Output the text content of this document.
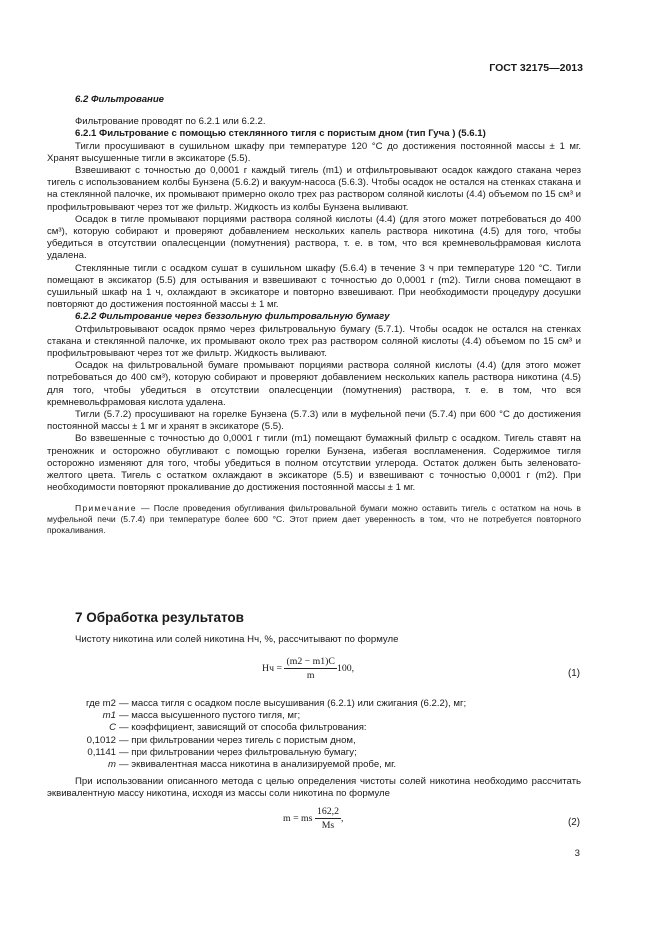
ГОСТ 32175—2013

6.2 Фильтрование

Фильтрование проводят по 6.2.1 или 6.2.2.

6.2.1 Фильтрование с помощью стеклянного тигля с пористым дном (тип Гуча ) (5.6.1)

Тигли просушивают в сушильном шкафу при температуре 120 °C до достижения постоянной массы ± 1 мг. Хранят высушенные тигли в эксикаторе (5.5).

Взвешивают с точностью до 0,0001 г каждый тигель (m1) и отфильтровывают осадок каждого стакана через тигель с использованием колбы Бунзена (5.6.2) и вакуум-насоса (5.6.3). Чтобы осадок не остался на стенках стакана и на стеклянной палочке, их промывают примерно около трех раз раствором соляной кислоты (4.4) объемом по 15 см³ и профильтровывают через тот же фильтр. Жидкость из колбы Бунзена выливают.

Осадок в тигле промывают порциями раствора соляной кислоты (4.4) (для этого может потребоваться до 400 см³), которую собирают и проверяют добавлением нескольких капель раствора никотина (4.5) для того, чтобы убедиться в отсутствии опалесценции (помутнения) раствора, т. е. в том, что вся кремневольфрамовая кислота удалена.

Стеклянные тигли с осадком сушат в сушильном шкафу (5.6.4) в течение 3 ч при температуре 120 °C. Тигли помещают в эксикатор (5.5) для остывания и взвешивают с точностью до 0,0001 г (m2). Тигли снова помещают в сушильный шкаф на 1 ч, охлаждают в эксикаторе и повторно взвешивают. При необходимости процедуру досушки повторяют до достижения постоянной массы ± 1 мг.

6.2.2 Фильтрование через беззольную фильтровальную бумагу

Отфильтровывают осадок прямо через фильтровальную бумагу (5.7.1). Чтобы осадок не остался на стенках стакана и стеклянной палочке, их промывают около трех раз раствором соляной кислоты (4.4) объемом по 15 см³ и профильтровывают через тот же фильтр. Жидкость выливают.

Осадок на фильтровальной бумаге промывают порциями раствора соляной кислоты (4.4) (для этого может потребоваться до 400 см³), которую собирают и проверяют добавлением нескольких капель раствора никотина (4.5) для того, чтобы убедиться в отсутствии опалесценции (помутнения) раствора, т. е. в том, что вся кремневольфрамовая кислота удалена.

Тигли (5.7.2) просушивают на горелке Бунзена (5.7.3) или в муфельной печи (5.7.4) при 600 °C до достижения постоянной массы ± 1 мг и хранят в эксикаторе (5.5).

Во взвешенные с точностью до 0,0001 г тигли (m1) помещают бумажный фильтр с осадком. Тигель ставят на треножник и осторожно обугливают с помощью горелки Бунзена, избегая воспламенения. Содержимое тигля осторожно изменяют для того, чтобы убедиться в полном отсутствии углерода. Остаток должен быть зеленовато-желтого цвета. Тигель с остатком охлаждают в эксикаторе (5.5) и взвешивают с точностью 0,0001 г (m2). При необходимости повторяют прокаливание до достижения постоянной массы ± 1 мг.

Примечание — После проведения обугливания фильтровальной бумаги можно оставить тигель с остатком на ночь в муфельной печи (5.7.4) при температуре более 600 °C. Этот прием дает уверенность в том, что не потребуется повторного прокаливания.

7 Обработка результатов

Чистоту никотина или солей никотина Hч, %, рассчитывают по формуле

Hч = $\frac{(m2 - m1)C}{m} 100$,	(1)
где m2 — масса тигля с осадком после высушивания (6.2.1) или сжигания (6.2.2), мг;
m1 — масса высушенного пустого тигля, мг;
C — коэффициент, зависящий от способа фильтрования:
0,1012 — при фильтровании через тигель с пористым дном,
0,1141 — при фильтровании через фильтровальную бумагу;
m — эквивалентная масса никотина в анализируемой пробе, мг.

При использовании описанного метода с целью определения чистоты солей никотина необходимо рассчитать эквивалентную массу никотина, исходя из массы соли никотина по формуле

m = ms $\frac{162,2}{Ms}$ ,	(2)
3
